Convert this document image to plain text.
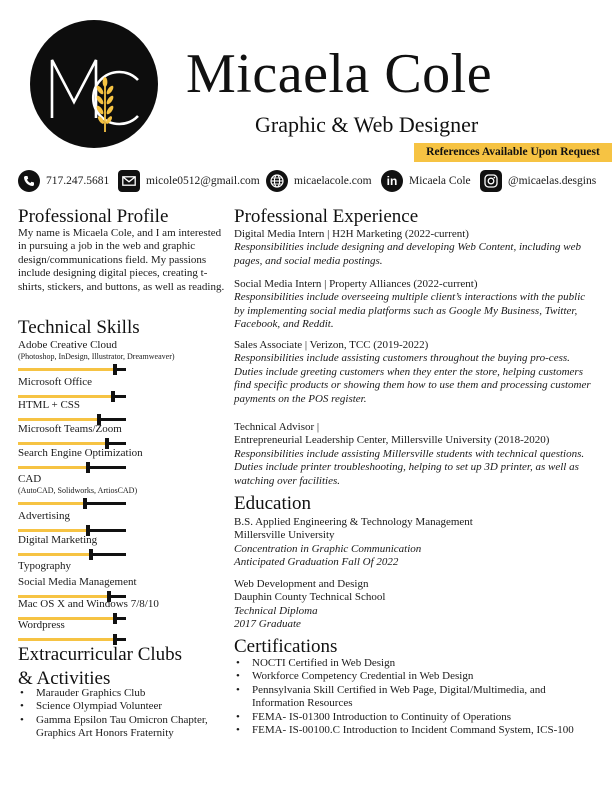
Micaela Cole
Graphic & Web Designer
References Available Upon Request
717.247.5681	micole0512@gmail.com	micaelacole.com	in	Micaela Cole	@micaelas.desgins
Professional Profile
My name is Micaela Cole, and I am interested in pursuing a job in the web and graphic design/communications field. My passions include designing digital pieces, creating t-shirts, stickers, and buttons, as well as reading.
Technical Skills
Adobe Creative Cloud
(Photoshop, InDesign, Illustrator, Dreamweaver)
Microsoft Office
HTML + CSS
Microsoft Teams/Zoom
Search Engine Optimization
CAD
(AutoCAD, Solidworks, ArtiosCAD)
Advertising
Digital Marketing
Typography
Social Media Management
Mac OS X and Windows 7/8/10
Wordpress
Extracurricular Clubs
& Activities
• Marauder Graphics Club
• Science Olympiad Volunteer
• Gamma Epsilon Tau Omicron Chapter, Graphics Art Honors Fraternity
Professional Experience
Digital Media Intern | H2H Marketing (2022-current)
Responsibilities include designing and developing Web Content, including web pages, and social media postings.
Social Media Intern | Property Alliances (2022-current)
Responsibilities include overseeing multiple client’s interactions with the public by implementing social media platforms such as Google My Business, Twitter, Facebook, and Reddit.
Sales Associate | Verizon, TCC (2019-2022)
Responsibilities include assisting customers throughout the buying pro-cess. Duties include greeting customers when they enter the store, helping customers find specific products or showing them how to use them and processing customer payments on the POS register.
Technical Advisor |
Entrepreneurial Leadership Center, Millersville University (2018-2020)
Responsibilities include assisting Millersville students with technical questions. Duties include printer troubleshooting, helping to set up 3D printer, as well as watching over facilities.
Education
B.S. Applied Engineering & Technology Management
Millersville University
Concentration in Graphic Communication
Anticipated Graduation Fall Of 2022
Web Development and Design
Dauphin County Technical School
Technical Diploma
2017 Graduate
Certifications
• NOCTI Certified in Web Design
• Workforce Competency Credential in Web Design
• Pennsylvania Skill Certified in Web Page, Digital/Multimedia, and Information Resources
• FEMA- IS-01300 Introduction to Continuity of Operations
• FEMA- IS-00100.C Introduction to Incident Command System, ICS-100
